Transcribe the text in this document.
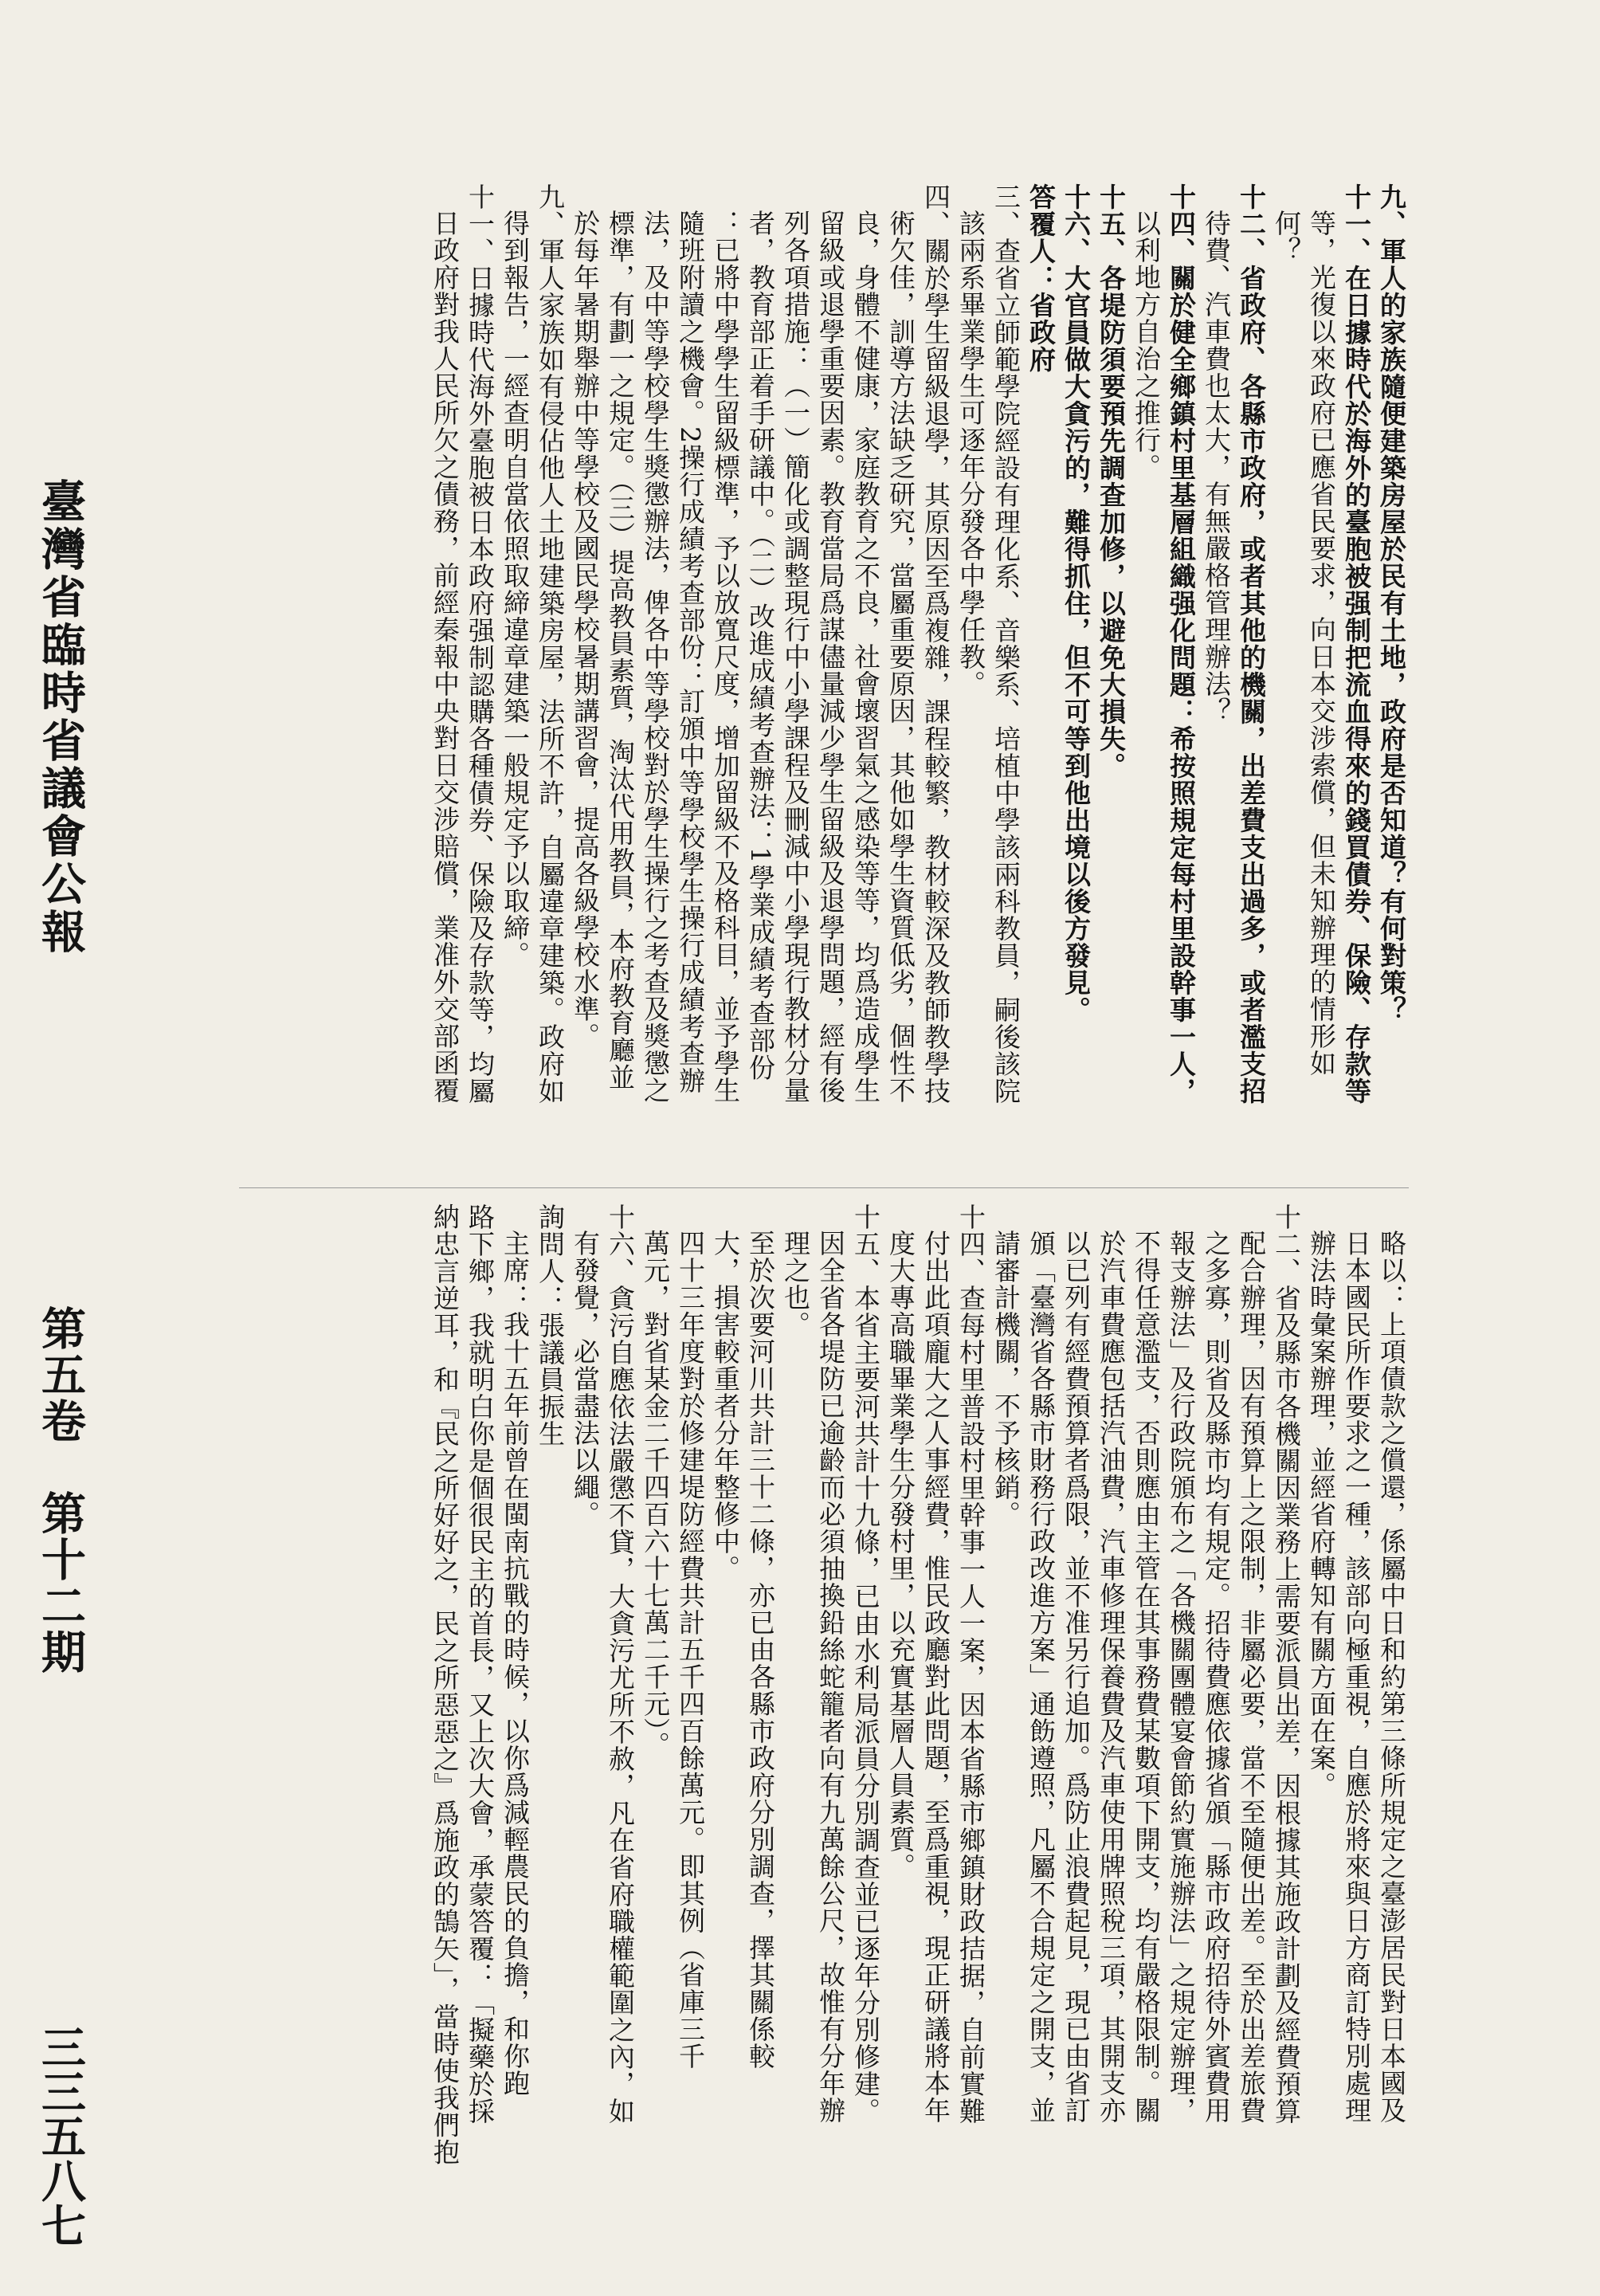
臺灣省臨時省議會公報
第五卷　第十二期
三三五八七

九、軍人的家族隨便建築房屋於民有土地，政府是否知道？有何對策？

十一、在日據時代於海外的臺胞被强制把流血得來的錢買債券、保險、存款等

等，光復以來政府已應省民要求，向日本交涉索償，但未知辦理的情形如

何？

十二、省政府、各縣市政府，或者其他的機關，出差費支出過多，或者濫支招

待費、汽車費也太大，有無嚴格管理辦法？

十四、關於健全鄉鎮村里基層組織强化問題：希按照規定每村里設幹事一人，

以利地方自治之推行。

十五、各堤防須要預先調查加修，以避免大損失。

十六、大官員做大貪污的，難得抓住，但不可等到他出境以後方發見。

答覆人：省政府

三、查省立師範學院經設有理化系、音樂系、培植中學該兩科教員，嗣後該院

該兩系畢業學生可逐年分發各中學任教。

四、關於學生留級退學，其原因至爲複雜，課程較繁，教材較深及教師教學技

術欠佳，訓導方法缺乏研究，當屬重要原因，其他如學生資質低劣，個性不

良，身體不健康，家庭教育之不良，社會壞習氣之感染等等，均爲造成學生

留級或退學重要因素。教育當局爲謀儘量減少學生留級及退學問題，經有後

列各項措施：（一）簡化或調整現行中小學課程及刪減中小學現行教材分量

者，教育部正着手研議中。（二）改進成績考查辦法：1學業成績考查部份

：已將中學學生留級標準，予以放寬尺度，增加留級不及格科目，並予學生

隨班附讀之機會。2操行成績考查部份：訂頒中等學校學生操行成績考查辦

法，及中等學校學生獎懲辦法，俾各中等學校對於學生操行之考查及獎懲之

標準，有劃一之規定。（三）提高教員素質，淘汰代用教員，本府教育廳並

於每年暑期舉辦中等學校及國民學校暑期講習會，提高各級學校水準。

九、軍人家族如有侵佔他人土地建築房屋，法所不許，自屬違章建築。政府如

得到報告，一經查明自當依照取締違章建築一般規定予以取締。

十一、日據時代海外臺胞被日本政府强制認購各種債券、保險及存款等，均屬

日政府對我人民所欠之債務，前經秦報中央對日交涉賠償，業准外交部函覆

略以：上項債款之償還，係屬中日和約第三條所規定之臺澎居民對日本國及

日本國民所作要求之一種，該部向極重視，自應於將來與日方商訂特別處理

辦法時彙案辦理，並經省府轉知有關方面在案。

十二、省及縣市各機關因業務上需要派員出差，因根據其施政計劃及經費預算

配合辦理，因有預算上之限制，非屬必要，當不至隨便出差。至於出差旅費

之多寡，則省及縣市均有規定。招待費應依據省頒「縣市政府招待外賓費用

報支辦法」及行政院頒布之「各機關團體宴會節約實施辦法」之規定辦理，

不得任意濫支，否則應由主管在其事務費某數項下開支，均有嚴格限制。關

於汽車費應包括汽油費，汽車修理保養費及汽車使用牌照稅三項，其開支亦

以已列有經費預算者爲限，並不准另行追加。爲防止浪費起見，現已由省訂

頒「臺灣省各縣市財務行政改進方案」通飭遵照，凡屬不合規定之開支，並

請審計機關，不予核銷。

十四、查每村里普設村里幹事一人一案，因本省縣市鄉鎮財政拮据，自前實難

付出此項龐大之人事經費，惟民政廳對此問題，至爲重視，現正研議將本年

度大專高職畢業學生分發村里，以充實基層人員素質。

十五、本省主要河共計十九條，已由水利局派員分別調查並已逐年分別修建。

因全省各堤防已逾齡而必須抽換鉛絲蛇籠者向有九萬餘公尺，故惟有分年辦

理之也。

至於次要河川共計三十二條，亦已由各縣市政府分別調查，擇其關係較

大，損害較重者分年整修中。

四十三年度對於修建堤防經費共計五千四百餘萬元。即其例（省庫三千

萬元，對省某金二千四百六十七萬二千元）。

十六、貪污自應依法嚴懲不貸，大貪污尤所不赦，凡在省府職權範圍之內，如

有發覺，必當盡法以繩。

詢問人：張議員振生

主席：我十五年前曾在閩南抗戰的時候，以你爲減輕農民的負擔，和你跑

路下鄉，我就明白你是個很民主的首長，又上次大會，承蒙答覆：「擬藥於採

納忠言逆耳，和『民之所好好之，民之所惡惡之』爲施政的鵠矢」，當時使我們抱
